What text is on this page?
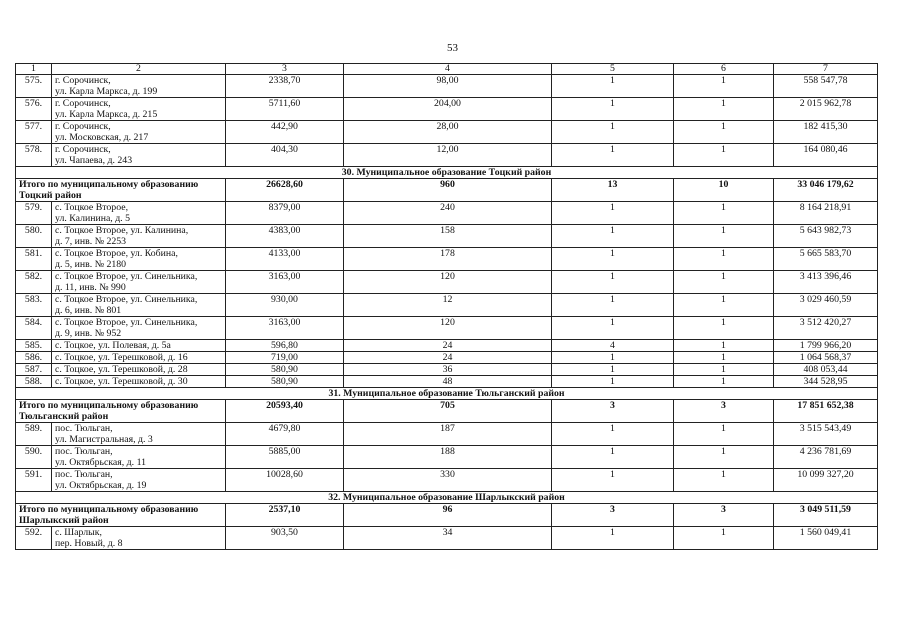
53
1	2	3	4	5	6	7
575.	г. Сорочинск,
ул. Карла Маркса, д. 199	2338,70	98,00	1	1	558 547,78
576.	г. Сорочинск,
ул. Карла Маркса, д. 215	5711,60	204,00	1	1	2 015 962,78
577.	г. Сорочинск,
ул. Московская, д. 217	442,90	28,00	1	1	182 415,30
578.	г. Сорочинск,
ул. Чапаева, д. 243	404,30	12,00	1	1	164 080,46
30. Муниципальное образование Тоцкий район						

Итого по муниципальному образованию
Тоцкий район		26628,60	960	13	10	33 046 179,62
579.	с. Тоцкое Второе,
ул. Калинина, д. 5	8379,00	240	1	1	8 164 218,91
580.	с. Тоцкое Второе, ул. Калинина,
д. 7, инв. № 2253	4383,00	158	1	1	5 643 982,73
581.	с. Тоцкое Второе, ул. Кобина,
д. 5, инв. № 2180	4133,00	178	1	1	5 665 583,70
582.	с. Тоцкое Второе, ул. Синельника,
д. 11, инв. № 990	3163,00	120	1	1	3 413 396,46
583.	с. Тоцкое Второе, ул. Синельника,
д. 6, инв. № 801	930,00	12	1	1	3 029 460,59
584.	с. Тоцкое Второе, ул. Синельника,
д. 9, инв. № 952	3163,00	120	1	1	3 512 420,27
585.	с. Тоцкое, ул. Полевая, д. 5а	596,80	24	4	1	1 799 966,20
586.	с. Тоцкое, ул. Терешковой, д. 16	719,00	24	1	1	1 064 568,37
587.	с. Тоцкое, ул. Терешковой, д. 28	580,90	36	1	1	408 053,44
588.	с. Тоцкое, ул. Терешковой, д. 30	580,90	48	1	1	344 528,95
31. Муниципальное образование Тюльганский район						

Итого по муниципальному образованию
Тюльганский район		20593,40	705	3	3	17 851 652,38
589.	пос. Тюльган,
ул. Магистральная, д. 3	4679,80	187	1	1	3 515 543,49
590.	пос. Тюльган,
ул. Октябрьская, д. 11	5885,00	188	1	1	4 236 781,69
591.	пос. Тюльган,
ул. Октябрьская, д. 19	10028,60	330	1	1	10 099 327,20
32. Муниципальное образование Шарлыкский район						

Итого по муниципальному образованию
Шарлыкский район		2537,10	96	3	3	3 049 511,59
592.	с. Шарлык,
пер. Новый, д. 8	903,50	34	1	1	1 560 049,41
